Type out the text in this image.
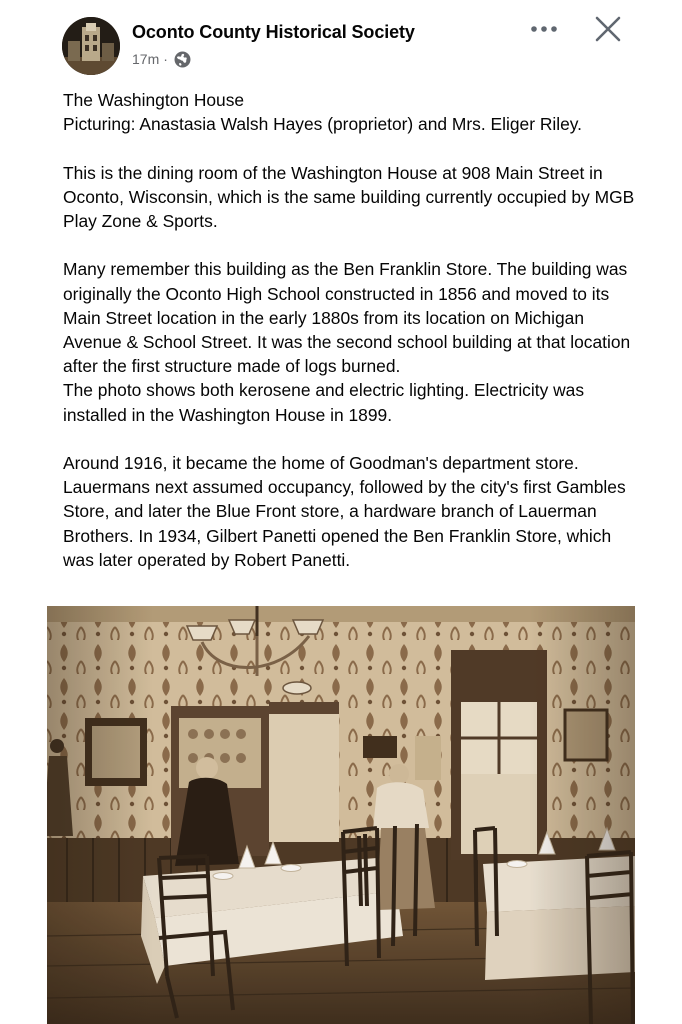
Oconto County Historical Society
17m ·

The Washington House
Picturing: Anastasia Walsh Hayes (proprietor) and Mrs. Eliger Riley.

This is the dining room of the Washington House at 908 Main Street in Oconto, Wisconsin, which is the same building currently occupied by MGB Play Zone & Sports.

Many remember this building as the Ben Franklin Store. The building was originally the Oconto High School constructed in 1856 and moved to its Main Street location in the early 1880s from its location on Michigan Avenue & School Street. It was the second school building at that location after the first structure made of logs burned.
The photo shows both kerosene and electric lighting. Electricity was installed in the Washington House in 1899.

Around 1916, it became the home of Goodman's department store. Lauermans next assumed occupancy, followed by the city's first Gambles Store, and later the Blue Front store, a hardware branch of Lauerman Brothers. In 1934, Gilbert Panetti opened the Ben Franklin Store, which was later operated by Robert Panetti.
